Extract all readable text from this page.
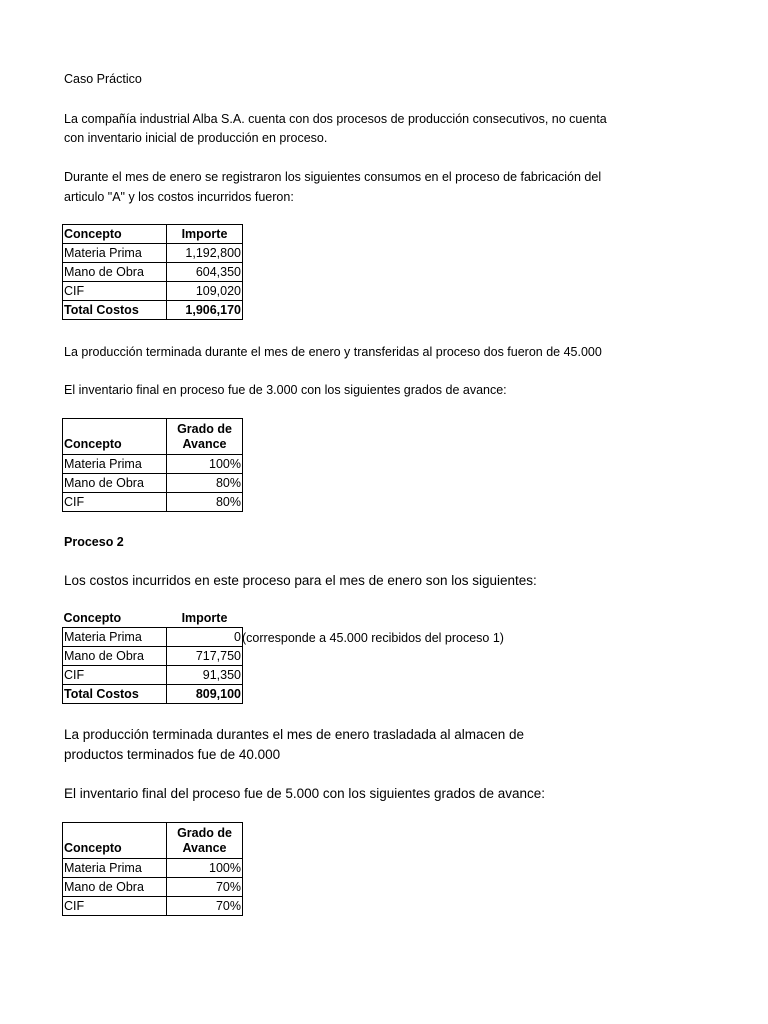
Caso Práctico

La compañía industrial Alba S.A. cuenta con dos procesos de producción consecutivos, no cuenta

con inventario inicial de producción en proceso.

Durante el mes de enero se registraron los siguientes consumos en el proceso de fabricación del

articulo "A" y los costos incurridos fueron:

Concepto	Importe
Materia Prima	1,192,800
Mano de Obra	604,350
CIF	109,020
Total Costos	1,906,170

La producción terminada durante el mes de enero y transferidas al proceso dos fueron de 45.000

El inventario final en proceso fue de 3.000 con los siguientes grados de avance:

Concepto	Grado de
Avance
Materia Prima	100%
Mano de Obra	80%
CIF	80%

Proceso 2

Los costos incurridos en este proceso para el mes de enero son los siguientes:

Concepto	Importe
Materia Prima	0
Mano de Obra	717,750
CIF	91,350
Total Costos	809,100
(corresponde a 45.000 recibidos del proceso 1)

La producción terminada durantes el mes de enero trasladada al almacen de

productos terminados fue de 40.000

El inventario final del proceso fue de 5.000 con los siguientes grados de avance:

Concepto	Grado de
Avance
Materia Prima	100%
Mano de Obra	70%
CIF	70%
